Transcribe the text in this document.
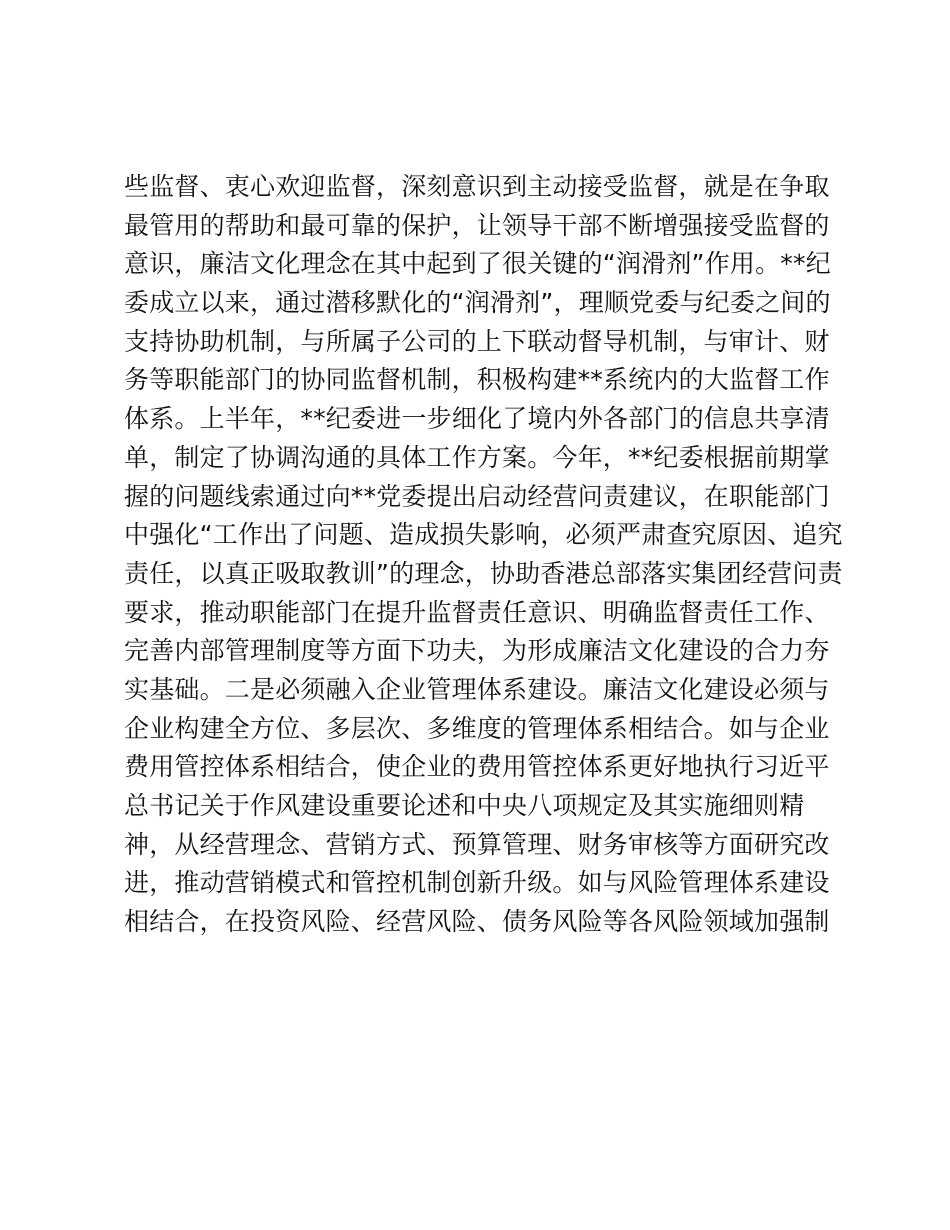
些监督、衷心欢迎监督，深刻意识到主动接受监督，就是在争取
最管用的帮助和最可靠的保护，让领导干部不断增强接受监督的
意识，廉洁文化理念在其中起到了很关键的“润滑剂”作用。**纪
委成立以来，通过潜移默化的“润滑剂”，理顺党委与纪委之间的
支持协助机制，与所属子公司的上下联动督导机制，与审计、财
务等职能部门的协同监督机制，积极构建**系统内的大监督工作
体系。上半年，**纪委进一步细化了境内外各部门的信息共享清
单，制定了协调沟通的具体工作方案。今年，**纪委根据前期掌
握的问题线索通过向**党委提出启动经营问责建议，在职能部门
中强化“工作出了问题、造成损失影响，必须严肃查究原因、追究
责任，以真正吸取教训”的理念，协助香港总部落实集团经营问责
要求，推动职能部门在提升监督责任意识、明确监督责任工作、
完善内部管理制度等方面下功夫，为形成廉洁文化建设的合力夯
实基础。二是必须融入企业管理体系建设。廉洁文化建设必须与
企业构建全方位、多层次、多维度的管理体系相结合。如与企业
费用管控体系相结合，使企业的费用管控体系更好地执行习近平
总书记关于作风建设重要论述和中央八项规定及其实施细则精
神，从经营理念、营销方式、预算管理、财务审核等方面研究改
进，推动营销模式和管控机制创新升级。如与风险管理体系建设
相结合，在投资风险、经营风险、债务风险等各风险领域加强制
